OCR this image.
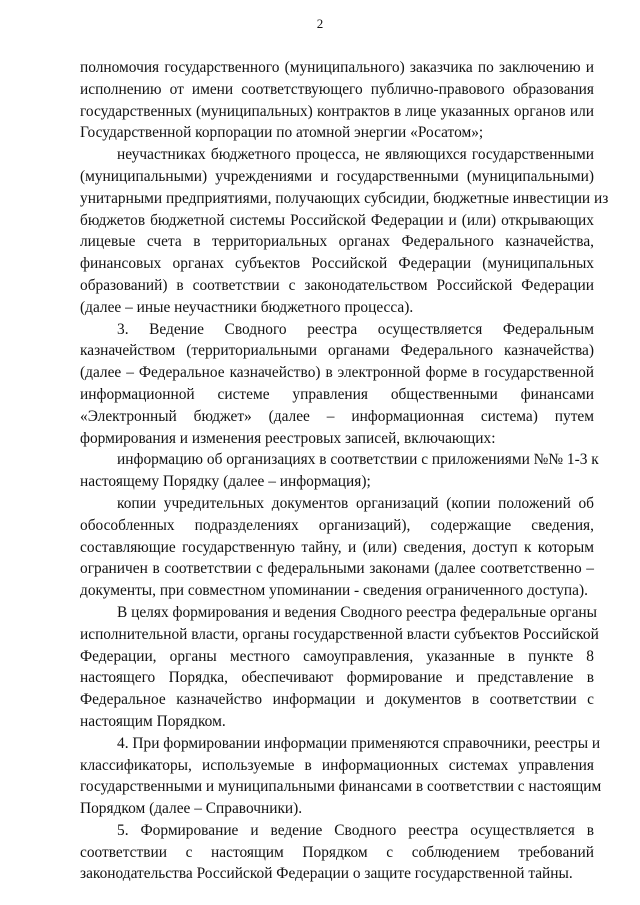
2
полномочия государственного (муниципального) заказчика по заключению и
исполнению от имени соответствующего публично-правового образования
государственных (муниципальных) контрактов в лице указанных органов или
Государственной корпорации по атомной энергии «Росатом»;
неучастниках бюджетного процесса, не являющихся государственными
(муниципальными) учреждениями и государственными (муниципальными)
унитарными предприятиями, получающих субсидии, бюджетные инвестиции из
бюджетов бюджетной системы Российской Федерации и (или) открывающих
лицевые счета в территориальных органах Федерального казначейства,
финансовых органах субъектов Российской Федерации (муниципальных
образований) в соответствии с законодательством Российской Федерации
(далее – иные неучастники бюджетного процесса).
3. Ведение Сводного реестра осуществляется Федеральным
казначейством (территориальными органами Федерального казначейства)
(далее – Федеральное казначейство) в электронной форме в государственной
информационной системе управления общественными финансами
«Электронный бюджет» (далее – информационная система) путем
формирования и изменения реестровых записей, включающих:
информацию об организациях в соответствии с приложениями №№ 1-3 к
настоящему Порядку (далее – информация);
копии учредительных документов организаций (копии положений об
обособленных подразделениях организаций), содержащие сведения,
составляющие государственную тайну, и (или) сведения, доступ к которым
ограничен в соответствии с федеральными законами (далее соответственно –
документы, при совместном упоминании - сведения ограниченного доступа).
В целях формирования и ведения Сводного реестра федеральные органы
исполнительной власти, органы государственной власти субъектов Российской
Федерации, органы местного самоуправления, указанные в пункте 8
настоящего Порядка, обеспечивают формирование и представление в
Федеральное казначейство информации и документов в соответствии с
настоящим Порядком.
4. При формировании информации применяются справочники, реестры и
классификаторы, используемые в информационных системах управления
государственными и муниципальными финансами в соответствии с настоящим
Порядком (далее – Справочники).
5. Формирование и ведение Сводного реестра осуществляется в
соответствии с настоящим Порядком с соблюдением требований
законодательства Российской Федерации о защите государственной тайны.
